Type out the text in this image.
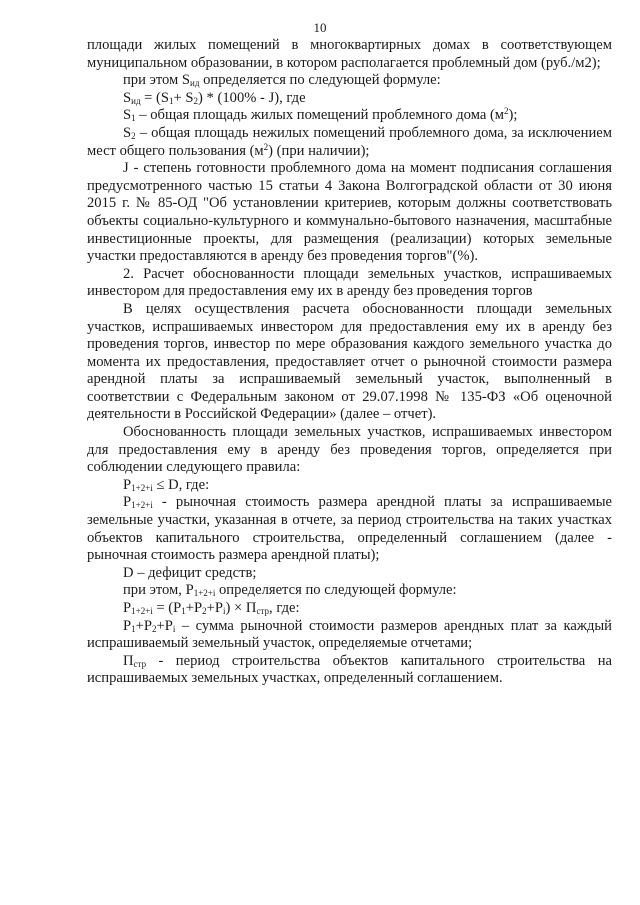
10

площади жилых помещений в многоквартирных домах в соответствующем муниципальном образовании, в котором располагается проблемный дом (руб./м2);

при этом $S_{ид}$ определяется по следующей формуле:

$S_{ид} = (S_1+ S_2) * (100\% - J)$, где

$S_1$ – общая площадь жилых помещений проблемного дома $(м^2)$;

$S_2$ – общая площадь нежилых помещений проблемного дома, за исключением мест общего пользования $(м^2)$ (при наличии);

J - степень готовности проблемного дома на момент подписания соглашения предусмотренного частью 15 статьи 4 Закона Волгоградской области от 30 июня 2015 г. № 85-ОД "Об установлении критериев, которым должны соответствовать объекты социально-культурного и коммунально-бытового назначения, масштабные инвестиционные проекты, для размещения (реализации) которых земельные участки предоставляются в аренду без проведения торгов"(%).

2. Расчет обоснованности площади земельных участков, испрашиваемых инвестором для предоставления ему их в аренду без проведения торгов

В целях осуществления расчета обоснованности площади земельных участков, испрашиваемых инвестором для предоставления ему их в аренду без проведения торгов, инвестор по мере образования каждого земельного участка до момента их предоставления, предоставляет отчет о рыночной стоимости размера арендной платы за испрашиваемый земельный участок, выполненный в соответствии с Федеральным законом от 29.07.1998 № 135-ФЗ «Об оценочной деятельности в Российской Федерации» (далее – отчет).

Обоснованность площади земельных участков, испрашиваемых инвестором для предоставления ему в аренду без проведения торгов, определяется при соблюдении следующего правила:

$P_{1+2+i} \le D$, где:

$P_{1+2+i}$ - рыночная стоимость размера арендной платы за испрашиваемые земельные участки, указанная в отчете, за период строительства на таких участках объектов капитального строительства, определенный соглашением (далее - рыночная стоимость размера арендной платы);

D – дефицит средств;

при этом, $P_{1+2+i}$ определяется по следующей формуле:

$P_{1+2+i} = (P_1+P_2+P_i) \times П_{стр}$, где:

$P_1+P_2+P_i$ – сумма рыночной стоимости размеров арендных плат за каждый испрашиваемый земельный участок, определяемые отчетами;

$П_{стр}$ - период строительства объектов капитального строительства на испрашиваемых земельных участках, определенный соглашением.
